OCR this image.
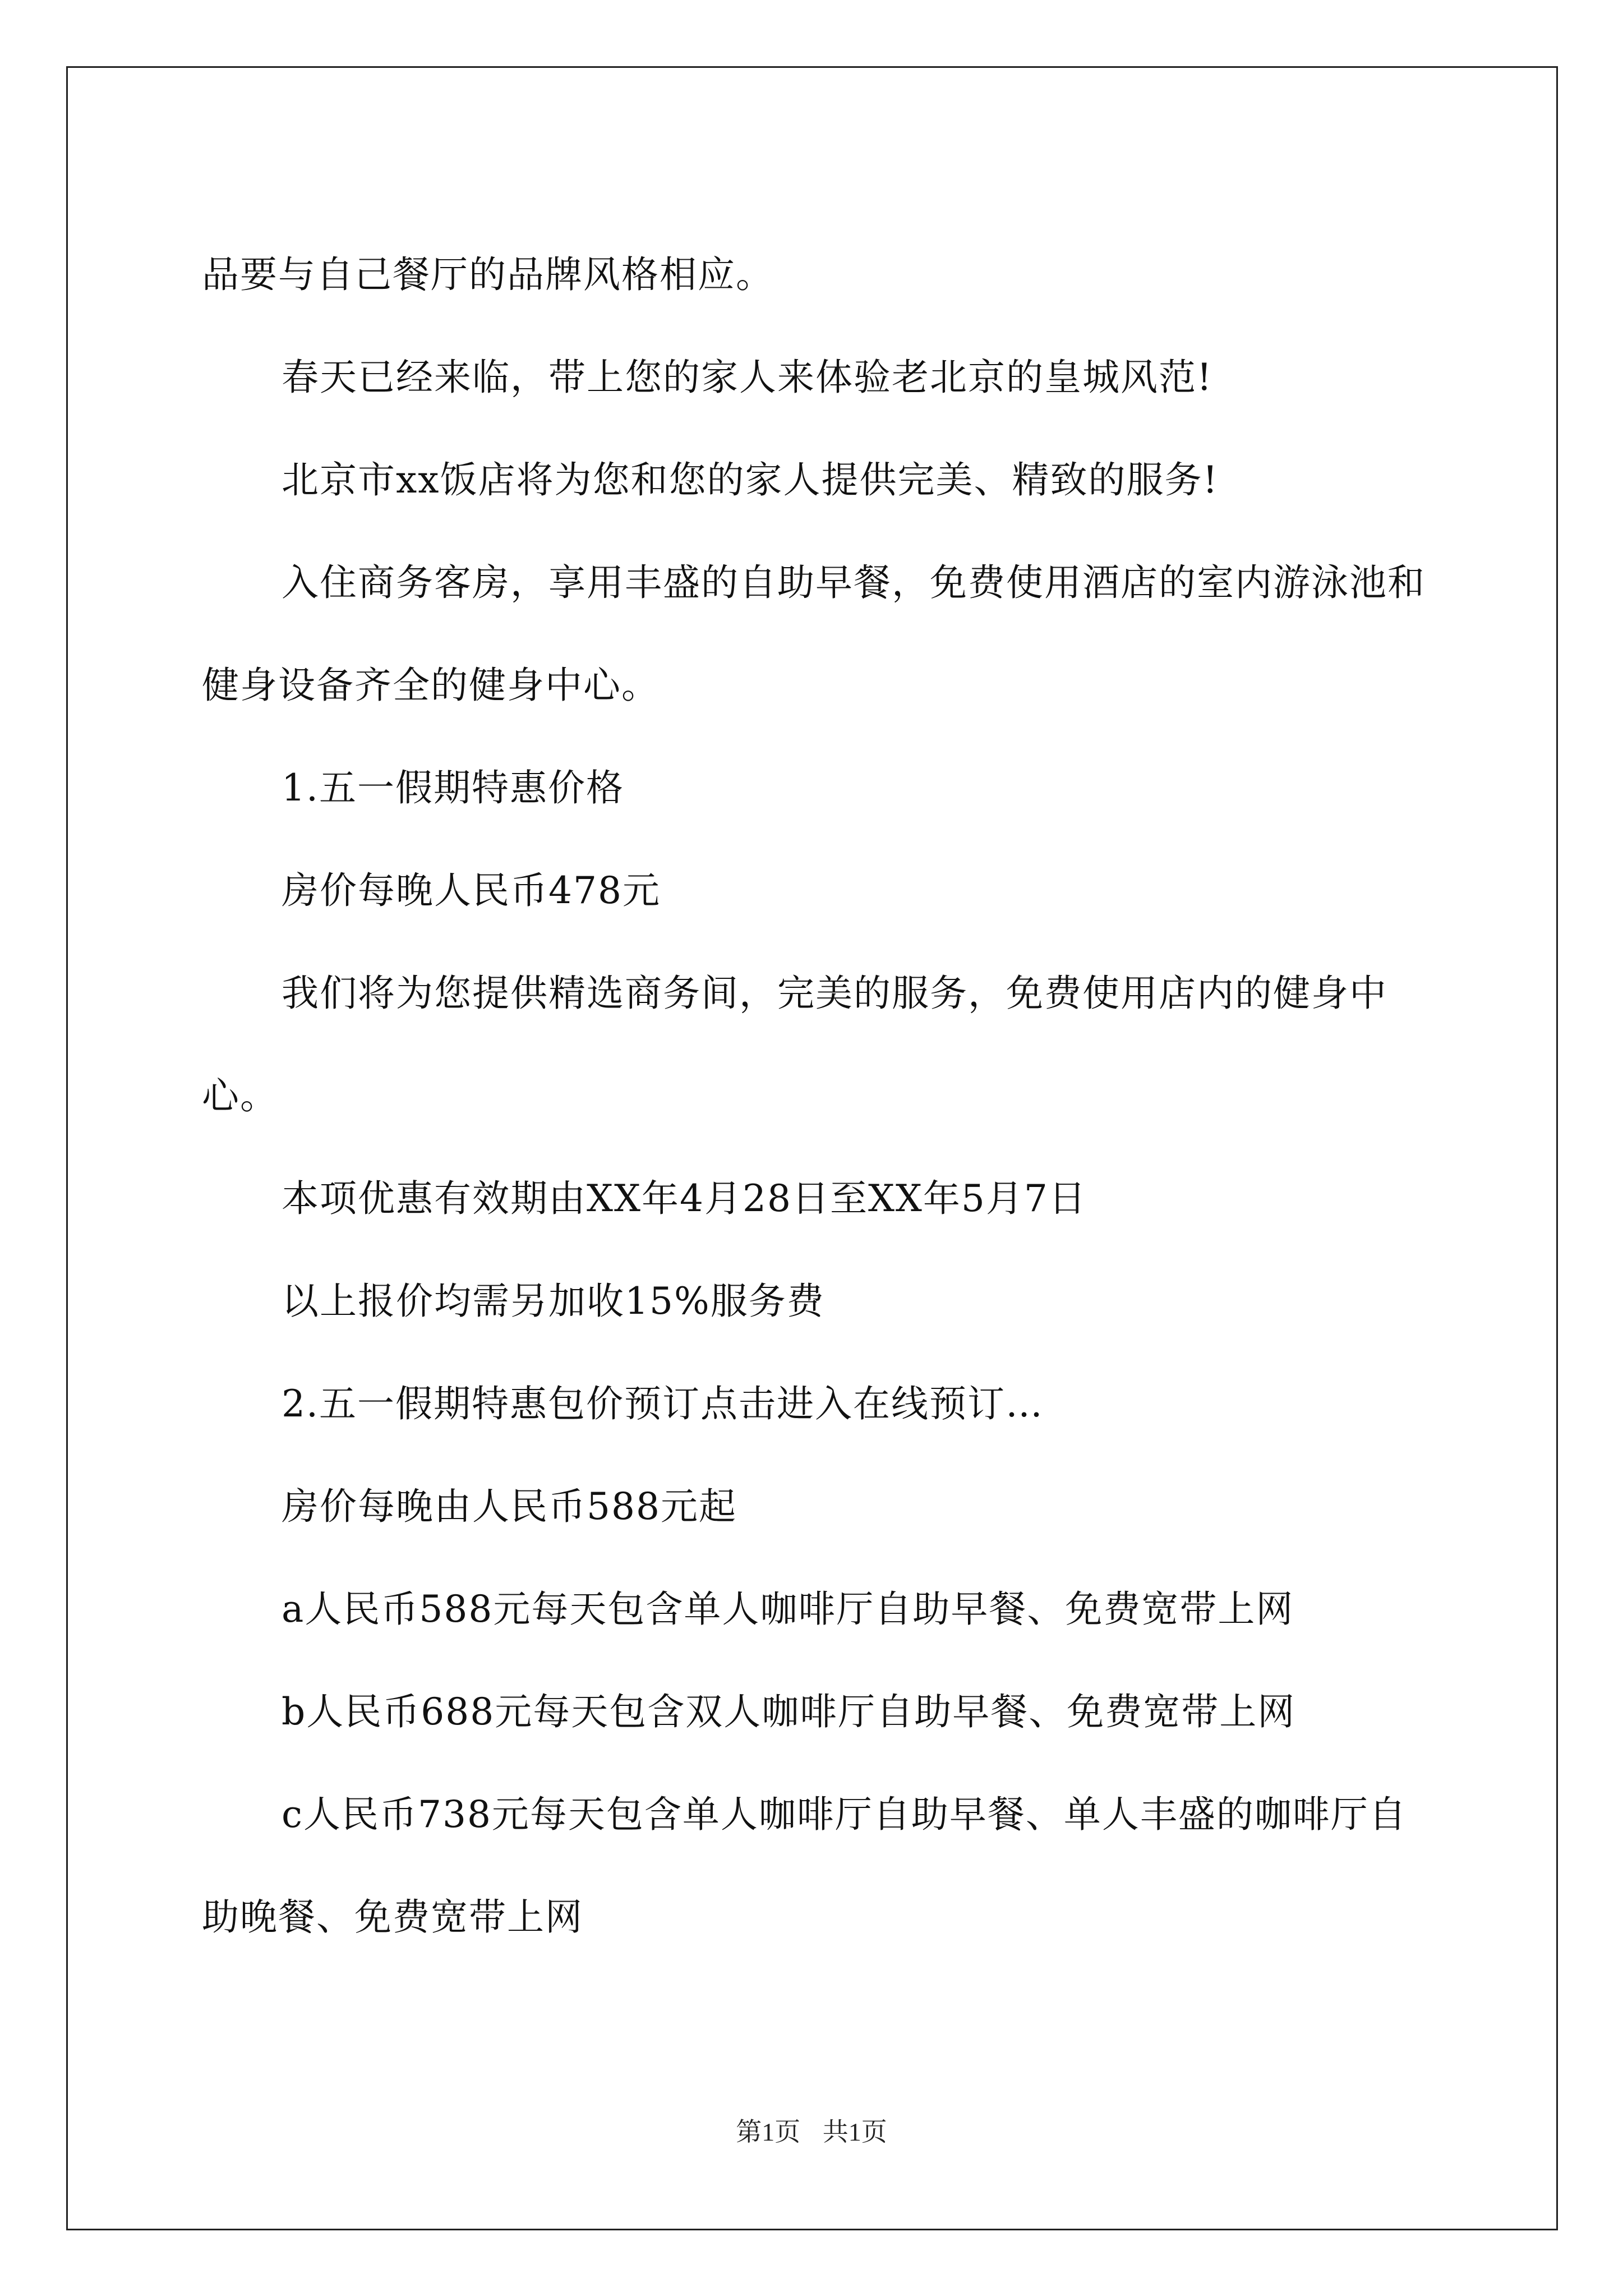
品要与自己餐厅的品牌风格相应。

春天已经来临，带上您的家人来体验老北京的皇城风范!

北京市xx饭店将为您和您的家人提供完美、精致的服务!

入住商务客房，享用丰盛的自助早餐，免费使用酒店的室内游泳池和健身设备齐全的健身中心。

1.五一假期特惠价格

房价每晚人民币478元

我们将为您提供精选商务间，完美的服务，免费使用店内的健身中心。

本项优惠有效期由XX年4月28日至XX年5月7日

以上报价均需另加收15%服务费

2.五一假期特惠包价预订点击进入在线预订…

房价每晚由人民币588元起

a人民币588元每天包含单人咖啡厅自助早餐、免费宽带上网

b人民币688元每天包含双人咖啡厅自助早餐、免费宽带上网

c人民币738元每天包含单人咖啡厅自助早餐、单人丰盛的咖啡厅自助晚餐、免费宽带上网

第1页 共1页
